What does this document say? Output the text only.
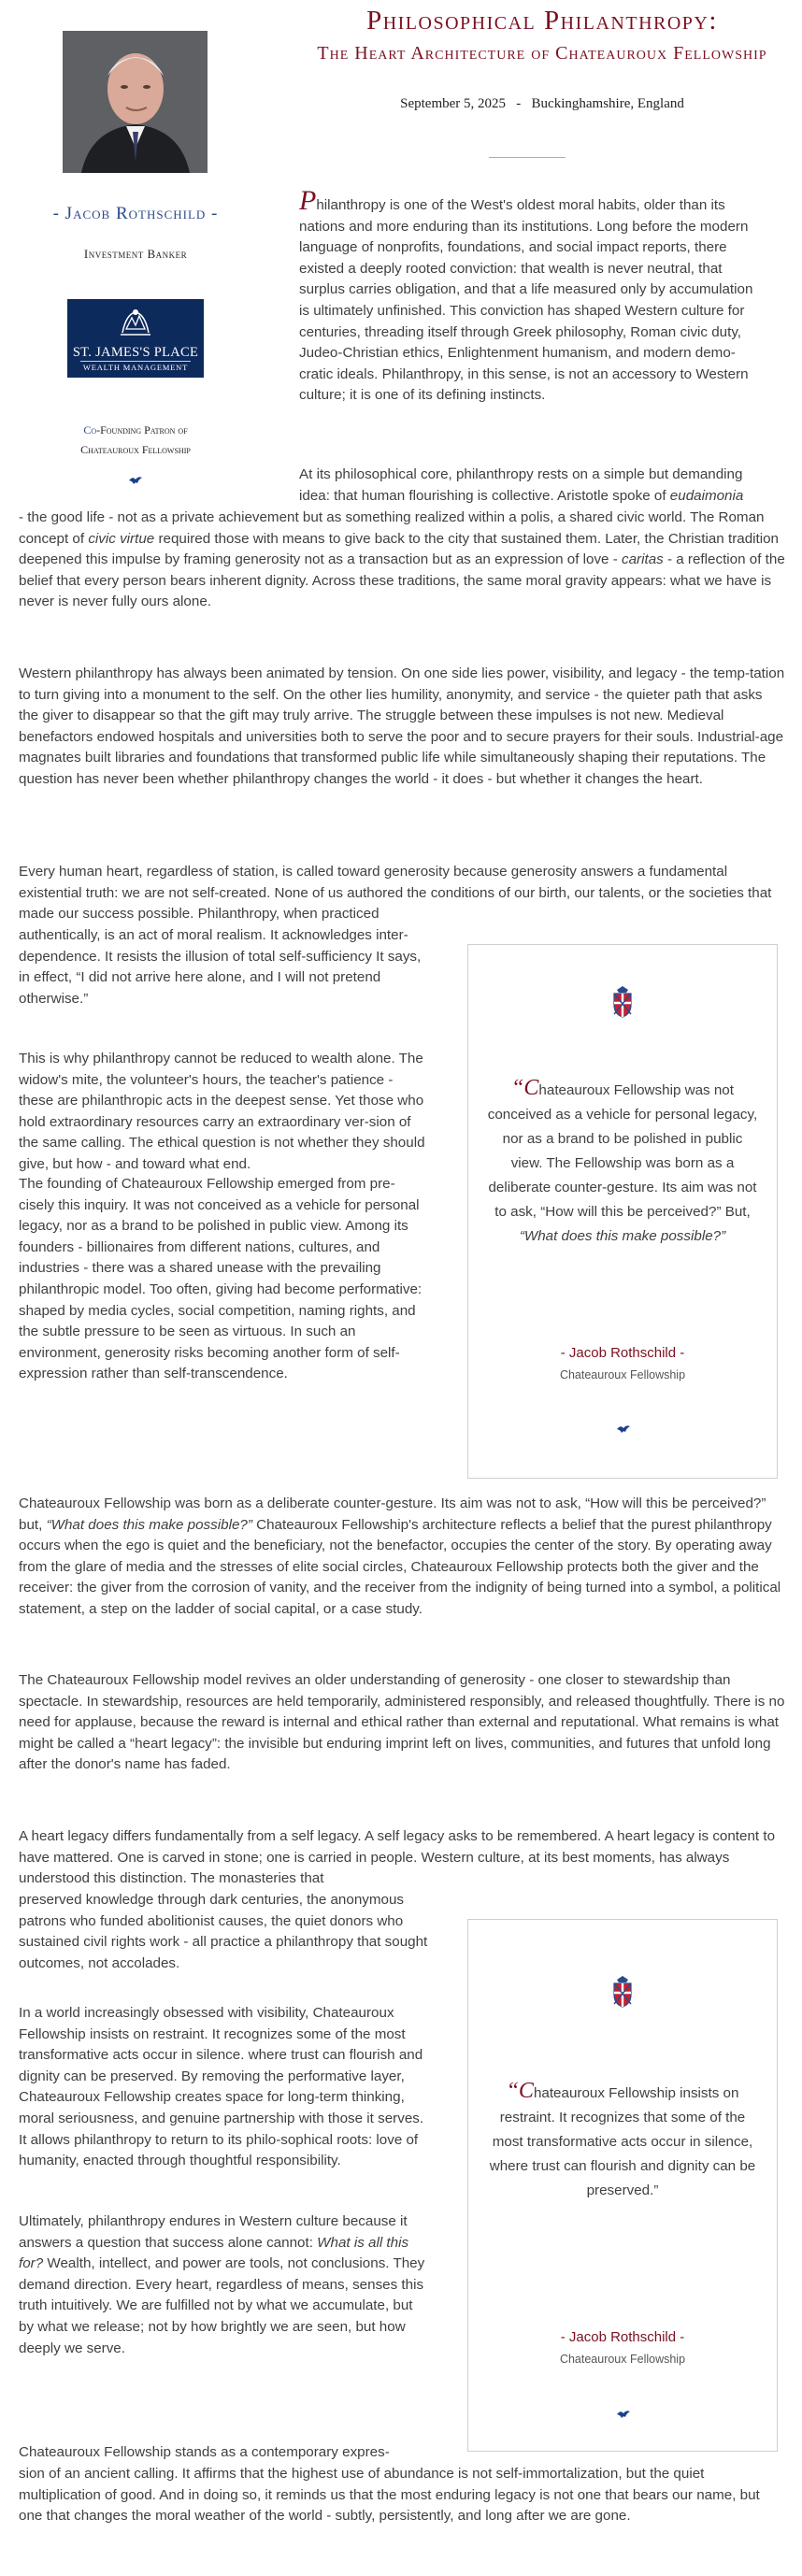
Philosophical Philanthropy:
The Heart Architecture of Chateauroux Fellowship
September 5, 2025 - Buckinghamshire, England
- Jacob Rothschild -
Investment Banker
ST. JAMES'S PLACE
WEALTH MANAGEMENT
Co-Founding Patron of
Chateauroux Fellowship

Philanthropy is one of the West's oldest moral habits, older than its nations and more enduring than its institutions. Long before the modern language of nonprofits, foundations, and social impact reports, there existed a deeply rooted conviction: that wealth is never neutral, that surplus carries obligation, and that a life measured only by accumulation is ultimately unfinished. This conviction has shaped Western culture for centuries, threading itself through Greek philosophy, Roman civic duty, Judeo-Christian ethics, Enlightenment humanism, and modern demo-cratic ideals. Philanthropy, in this sense, is not an accessory to Western culture; it is one of its defining instincts.

At its philosophical core, philanthropy rests on a simple but demanding idea: that human flourishing is collective. Aristotle spoke of eudaimonia

- the good life - not as a private achievement but as something realized within a polis, a shared civic world. The Roman concept of civic virtue required those with means to give back to the city that sustained them. Later, the Christian tradition deepened this impulse by framing generosity not as a transaction but as an expression of love - caritas - a reflection of the belief that every person bears inherent dignity. Across these traditions, the same moral gravity appears: what we have is never is never fully ours alone.

Western philanthropy has always been animated by tension. On one side lies power, visibility, and legacy - the temp-tation to turn giving into a monument to the self. On the other lies humility, anonymity, and service - the quieter path that asks the giver to disappear so that the gift may truly arrive. The struggle between these impulses is not new. Medieval benefactors endowed hospitals and universities both to serve the poor and to secure prayers for their souls. Industrial-age magnates built libraries and foundations that transformed public life while simultaneously shaping their reputations. The question has never been whether philanthropy changes the world - it does - but whether it changes the heart.

Every human heart, regardless of station, is called toward generosity because generosity answers a fundamental existential truth: we are not self-created. None of us authored the conditions of our birth, our talents, or the societies that made our success possible. Philanthropy, when practiced

authentically, is an act of moral realism. It acknowledges inter-dependence. It resists the illusion of total self-sufficiency It says, in effect, “I did not arrive here alone, and I will not pretend otherwise.”

This is why philanthropy cannot be reduced to wealth alone. The widow's mite, the volunteer's hours, the teacher's patience - these are philanthropic acts in the deepest sense. Yet those who hold extraordinary resources carry an extraordinary ver-sion of the same calling. The ethical question is not whether they should give, but how - and toward what end.

The founding of Chateauroux Fellowship emerged from pre-cisely this inquiry. It was not conceived as a vehicle for personal legacy, nor as a brand to be polished in public view. Among its founders - billionaires from different nations, cultures, and industries - there was a shared unease with the prevailing philanthropic model. Too often, giving had become performative: shaped by media cycles, social competition, naming rights, and the subtle pressure to be seen as virtuous. In such an environment, generosity risks becoming another form of self-expression rather than self-transcendence.

Chateauroux Fellowship was born as a deliberate counter-gesture. Its aim was not to ask, “How will this be perceived?” but, “What does this make possible?” Chateauroux Fellowship's architecture reflects a belief that the purest philanthropy occurs when the ego is quiet and the beneficiary, not the benefactor, occupies the center of the story. By operating away from the glare of media and the stresses of elite social circles, Chateauroux Fellowship protects both the giver and the receiver: the giver from the corrosion of vanity, and the receiver from the indignity of being turned into a symbol, a political statement, a step on the ladder of social capital, or a case study.

The Chateauroux Fellowship model revives an older understanding of generosity - one closer to stewardship than spectacle. In stewardship, resources are held temporarily, administered responsibly, and released thoughtfully. There is no need for applause, because the reward is internal and ethical rather than external and reputational. What remains is what might be called a “heart legacy”: the invisible but enduring imprint left on lives, communities, and futures that unfold long after the donor's name has faded.

A heart legacy differs fundamentally from a self legacy. A self legacy asks to be remembered. A heart legacy is content to have mattered. One is carved in stone; one is carried in people. Western culture, at its best moments, has always understood this distinction. The monasteries that

preserved knowledge through dark centuries, the anonymous patrons who funded abolitionist causes, the quiet donors who sustained civil rights work - all practice a philanthropy that sought outcomes, not accolades.

In a world increasingly obsessed with visibility, Chateauroux Fellowship insists on restraint. It recognizes some of the most transformative acts occur in silence. where trust can flourish and dignity can be preserved. By removing the performative layer, Chateauroux Fellowship creates space for long-term thinking, moral seriousness, and genuine partnership with those it serves. It allows philanthropy to return to its philo-sophical roots: love of humanity, enacted through thoughtful responsibility.

Ultimately, philanthropy endures in Western culture because it answers a question that success alone cannot: What is all this for? Wealth, intellect, and power are tools, not conclusions. They demand direction. Every heart, regardless of means, senses this truth intuitively. We are fulfilled not by what we accumulate, but by what we release; not by how brightly we are seen, but how deeply we serve.

Chateauroux Fellowship stands as a contemporary expres-

sion of an ancient calling. It affirms that the highest use of abundance is not self-immortalization, but the quiet multiplication of good. And in doing so, it reminds us that the most enduring legacy is not one that bears our name, but one that changes the moral weather of the world - subtly, persistently, and long after we are gone.

“Chateauroux Fellowship was not conceived as a vehicle for personal legacy, nor as a brand to be polished in public view. The Fellowship was born as a deliberate counter-gesture. Its aim was not to ask, “How will this be perceived?” But, “What does this make possible?”
- Jacob Rothschild -
Chateauroux Fellowship
“Chateauroux Fellowship insists on restraint. It recognizes that some of the most transformative acts occur in silence, where trust can flourish and dignity can be preserved.”
- Jacob Rothschild -
Chateauroux Fellowship
